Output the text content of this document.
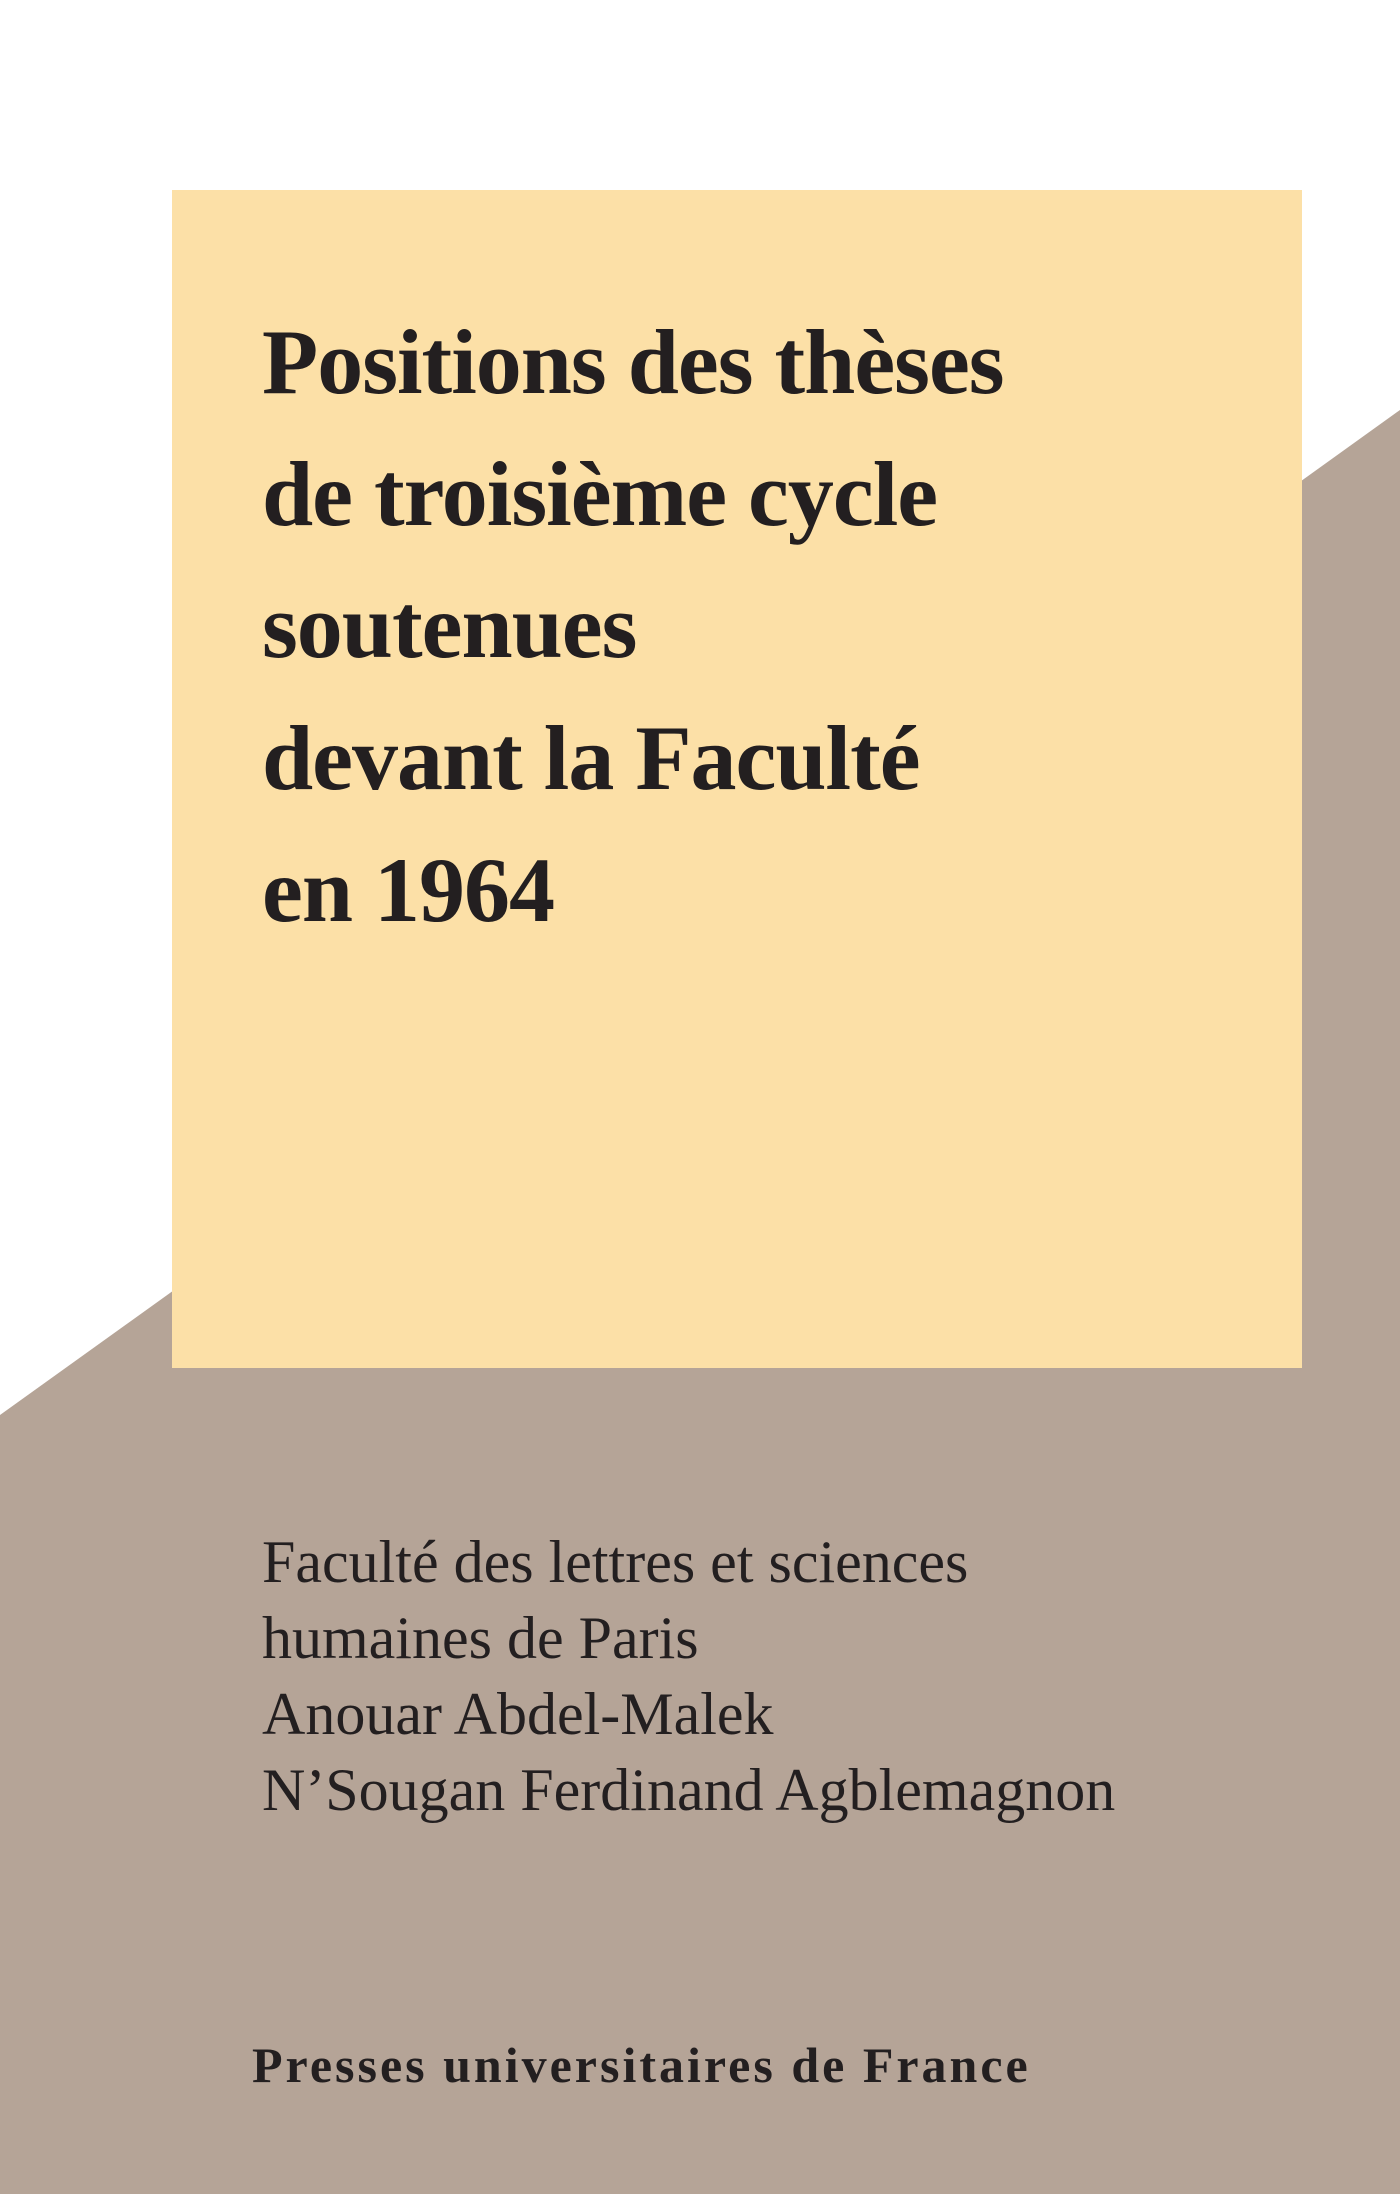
Positions des thèses
de troisième cycle
soutenues
devant la Faculté
en 1964
Faculté des lettres et sciences
humaines de Paris
Anouar Abdel-Malek
N’Sougan Ferdinand Agblemagnon
Presses universitaires de France
